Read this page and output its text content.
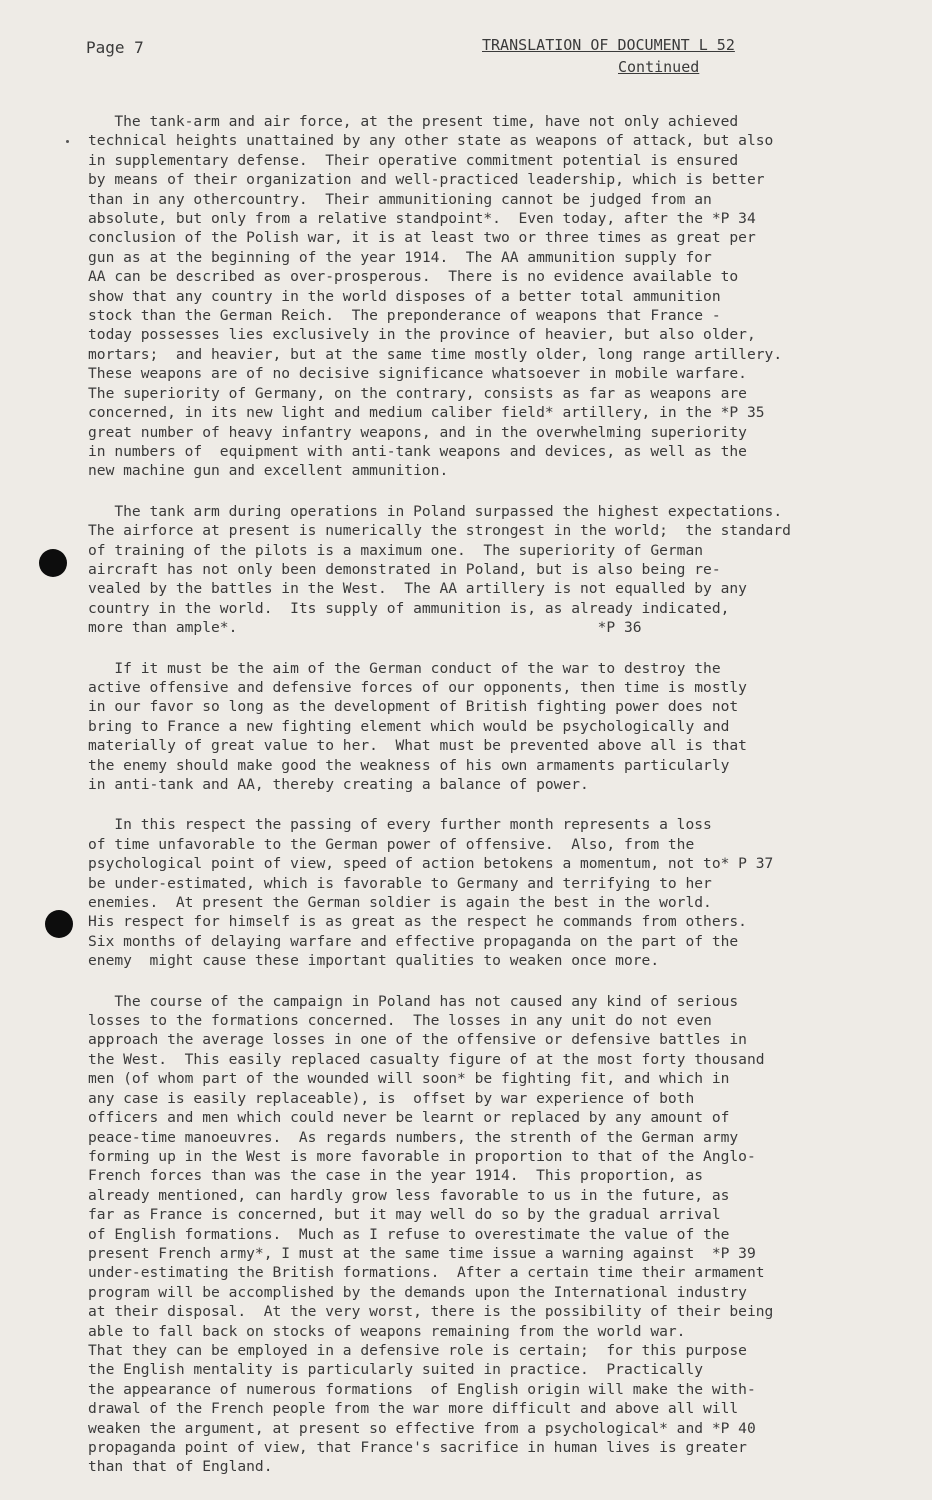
Page 7	TRANSLATION OF DOCUMENT L 52
Continued
The tank-arm and air force, at the present time, have not only achieved
technical heights unattained by any other state as weapons of attack, but also
in supplementary defense.  Their operative commitment potential is ensured
by means of their organization and well-practiced leadership, which is better
than in any othercountry.  Their ammunitioning cannot be judged from an
absolute, but only from a relative standpoint*.  Even today, after the *P 34
conclusion of the Polish war, it is at least two or three times as great per
gun as at the beginning of the year 1914.  The AA ammunition supply for
AA can be described as over-prosperous.  There is no evidence available to
show that any country in the world disposes of a better total ammunition
stock than the German Reich.  The preponderance of weapons that France -
today possesses lies exclusively in the province of heavier, but also older,
mortars;  and heavier, but at the same time mostly older, long range artillery.
These weapons are of no decisive significance whatsoever in mobile warfare.
The superiority of Germany, on the contrary, consists as far as weapons are
concerned, in its new light and medium caliber field* artillery, in the *P 35
great number of heavy infantry weapons, and in the overwhelming superiority
in numbers of  equipment with anti-tank weapons and devices, as well as the
new machine gun and excellent ammunition.
The tank arm during operations in Poland surpassed the highest expectations.
The airforce at present is numerically the strongest in the world;  the standard
of training of the pilots is a maximum one.  The superiority of German
aircraft has not only been demonstrated in Poland, but is also being re-
vealed by the battles in the West.  The AA artillery is not equalled by any
country in the world.  Its supply of ammunition is, as already indicated,
more than ample*.                                         *P 36
If it must be the aim of the German conduct of the war to destroy the
active offensive and defensive forces of our opponents, then time is mostly
in our favor so long as the development of British fighting power does not
bring to France a new fighting element which would be psychologically and
materially of great value to her.  What must be prevented above all is that
the enemy should make good the weakness of his own armaments particularly
in anti-tank and AA, thereby creating a balance of power.
In this respect the passing of every further month represents a loss
of time unfavorable to the German power of offensive.  Also, from the
psychological point of view, speed of action betokens a momentum, not to* P 37
be under-estimated, which is favorable to Germany and terrifying to her
enemies.  At present the German soldier is again the best in the world.
His respect for himself is as great as the respect he commands from others.
Six months of delaying warfare and effective propaganda on the part of the
enemy  might cause these important qualities to weaken once more.
The course of the campaign in Poland has not caused any kind of serious
losses to the formations concerned.  The losses in any unit do not even
approach the average losses in one of the offensive or defensive battles in
the West.  This easily replaced casualty figure of at the most forty thousand
men (of whom part of the wounded will soon* be fighting fit, and which in
any case is easily replaceable), is  offset by war experience of both
officers and men which could never be learnt or replaced by any amount of
peace-time manoeuvres.  As regards numbers, the strenth of the German army
forming up in the West is more favorable in proportion to that of the Anglo-
French forces than was the case in the year 1914.  This proportion, as
already mentioned, can hardly grow less favorable to us in the future, as
far as France is concerned, but it may well do so by the gradual arrival
of English formations.  Much as I refuse to overestimate the value of the
present French army*, I must at the same time issue a warning against  *P 39
under-estimating the British formations.  After a certain time their armament
program will be accomplished by the demands upon the International industry
at their disposal.  At the very worst, there is the possibility of their being
able to fall back on stocks of weapons remaining from the world war.
That they can be employed in a defensive role is certain;  for this purpose
the English mentality is particularly suited in practice.  Practically
the appearance of numerous formations  of English origin will make the with-
drawal of the French people from the war more difficult and above all will
weaken the argument, at present so effective from a psychological* and *P 40
propaganda point of view, that France's sacrifice in human lives is greater
than that of England.
